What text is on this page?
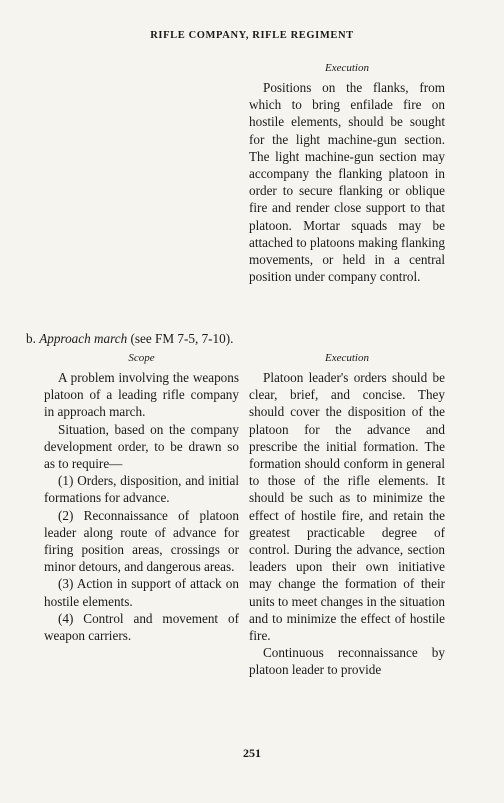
RIFLE COMPANY, RIFLE REGIMENT
Execution

Positions on the flanks, from which to bring enfilade fire on hostile elements, should be sought for the light machine-gun section. The light machine-gun section may accompany the flanking platoon in order to secure flanking or oblique fire and render close support to that platoon. Mortar squads may be attached to platoons making flanking movements, or held in a central position under company control.

b. Approach march (see FM 7-5, 7-10).
Scope

A problem involving the weapons platoon of a leading rifle company in approach march.

Situation, based on the company development order, to be drawn so as to require—

(1) Orders, disposition, and initial formations for advance.

(2) Reconnaissance of platoon leader along route of advance for firing position areas, crossings or minor detours, and dangerous areas.

(3) Action in support of attack on hostile elements.

(4) Control and movement of weapon carriers.

Execution

Platoon leader's orders should be clear, brief, and concise. They should cover the disposition of the platoon for the advance and prescribe the initial formation. The formation should conform in general to those of the rifle elements. It should be such as to minimize the effect of hostile fire, and retain the greatest practicable degree of control. During the advance, section leaders upon their own initiative may change the formation of their units to meet changes in the situation and to minimize the effect of hostile fire.

Continuous reconnaissance by platoon leader to provide

251
